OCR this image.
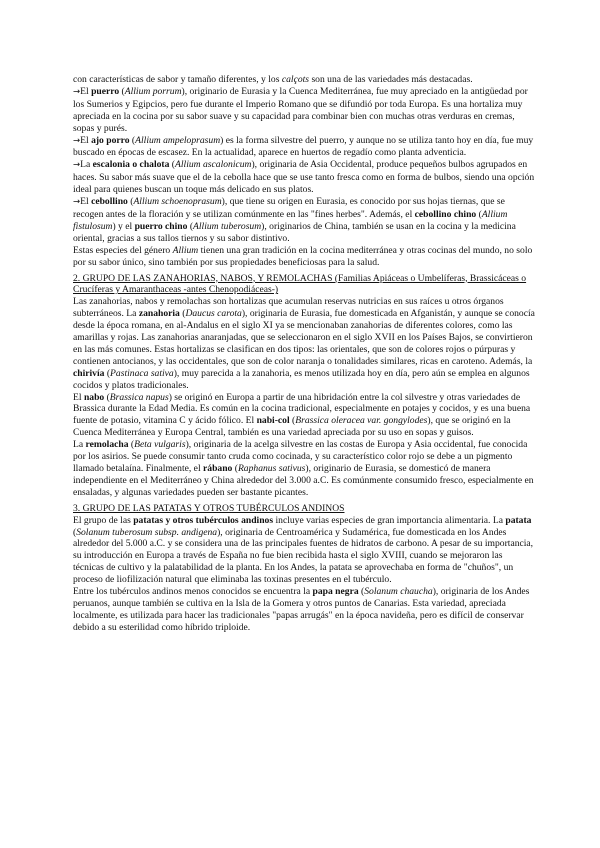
con características de sabor y tamaño diferentes, y los calçots son una de las variedades más destacadas.

→El puerro (Allium porrum), originario de Eurasia y la Cuenca Mediterránea, fue muy apreciado en la antigüedad por los Sumerios y Egipcios, pero fue durante el Imperio Romano que se difundió por toda Europa. Es una hortaliza muy apreciada en la cocina por su sabor suave y su capacidad para combinar bien con muchas otras verduras en cremas, sopas y purés.

→El ajo porro (Allium ampeloprasum) es la forma silvestre del puerro, y aunque no se utiliza tanto hoy en día, fue muy buscado en épocas de escasez. En la actualidad, aparece en huertos de regadío como planta adventicia.

→La escalonia o chalota (Allium ascalonicum), originaria de Asia Occidental, produce pequeños bulbos agrupados en haces. Su sabor más suave que el de la cebolla hace que se use tanto fresca como en forma de bulbos, siendo una opción ideal para quienes buscan un toque más delicado en sus platos.

→El cebollino (Allium schoenoprasum), que tiene su origen en Eurasia, es conocido por sus hojas tiernas, que se recogen antes de la floración y se utilizan comúnmente en las "fines herbes". Además, el cebollino chino (Allium fistulosum) y el puerro chino (Allium tuberosum), originarios de China, también se usan en la cocina y la medicina oriental, gracias a sus tallos tiernos y su sabor distintivo.

Estas especies del género Allium tienen una gran tradición en la cocina mediterránea y otras cocinas del mundo, no solo por su sabor único, sino también por sus propiedades beneficiosas para la salud.

2. GRUPO DE LAS ZANAHORIAS, NABOS, Y REMOLACHAS (Familias Apiáceas o Umbelíferas, Brassicáceas o Crucíferas y Amaranthaceas -antes Chenopodiáceas-)

Las zanahorias, nabos y remolachas son hortalizas que acumulan reservas nutricias en sus raíces u otros órganos subterráneos. La zanahoria (Daucus carota), originaria de Eurasia, fue domesticada en Afganistán, y aunque se conocía desde la época romana, en al-Andalus en el siglo XI ya se mencionaban zanahorias de diferentes colores, como las amarillas y rojas. Las zanahorias anaranjadas, que se seleccionaron en el siglo XVII en los Países Bajos, se convirtieron en las más comunes. Estas hortalizas se clasifican en dos tipos: las orientales, que son de colores rojos o púrpuras y contienen antocianos, y las occidentales, que son de color naranja o tonalidades similares, ricas en caroteno. Además, la chirivía (Pastinaca sativa), muy parecida a la zanahoria, es menos utilizada hoy en día, pero aún se emplea en algunos cocidos y platos tradicionales.

El nabo (Brassica napus) se originó en Europa a partir de una hibridación entre la col silvestre y otras variedades de Brassica durante la Edad Media. Es común en la cocina tradicional, especialmente en potajes y cocidos, y es una buena fuente de potasio, vitamina C y ácido fólico. El nabi-col (Brassica oleracea var. gongylodes), que se originó en la Cuenca Mediterránea y Europa Central, también es una variedad apreciada por su uso en sopas y guisos.

La remolacha (Beta vulgaris), originaria de la acelga silvestre en las costas de Europa y Asia occidental, fue conocida por los asirios. Se puede consumir tanto cruda como cocinada, y su característico color rojo se debe a un pigmento llamado betalaína. Finalmente, el rábano (Raphanus sativus), originario de Eurasia, se domesticó de manera independiente en el Mediterráneo y China alrededor del 3.000 a.C. Es comúnmente consumido fresco, especialmente en ensaladas, y algunas variedades pueden ser bastante picantes.

3. GRUPO DE LAS PATATAS Y OTROS TUBÉRCULOS ANDINOS

El grupo de las patatas y otros tubérculos andinos incluye varias especies de gran importancia alimentaria. La patata (Solanum tuberosum subsp. andigena), originaria de Centroamérica y Sudamérica, fue domesticada en los Andes alrededor del 5.000 a.C. y se considera una de las principales fuentes de hidratos de carbono. A pesar de su importancia, su introducción en Europa a través de España no fue bien recibida hasta el siglo XVIII, cuando se mejoraron las técnicas de cultivo y la palatabilidad de la planta. En los Andes, la patata se aprovechaba en forma de "chuños", un proceso de liofilización natural que eliminaba las toxinas presentes en el tubérculo.

Entre los tubérculos andinos menos conocidos se encuentra la papa negra (Solanum chaucha), originaria de los Andes peruanos, aunque también se cultiva en la Isla de la Gomera y otros puntos de Canarias. Esta variedad, apreciada localmente, es utilizada para hacer las tradicionales "papas arrugás" en la época navideña, pero es difícil de conservar debido a su esterilidad como híbrido triploide.
